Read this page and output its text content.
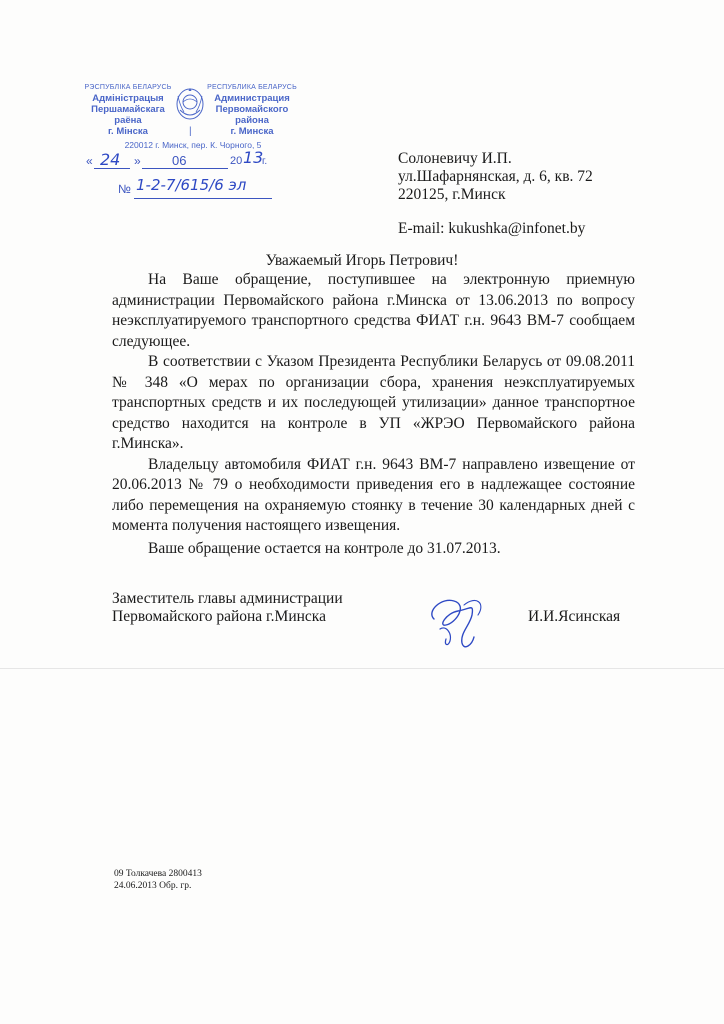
РЭСПУБЛІКА БЕЛАРУСЬ
Адміністрацыя
Першамайскага
раёна
г. Мінска
РЕСПУБЛИКА БЕЛАРУСЬ
Администрация
Первомайского
района
г. Минска
|
220012 г. Минск, пер. К. Чорного, 5
« 24 » 06	20 13
г.
№ 1-2-7/615/6 эл
Солоневичу И.П.
ул.Шафарнянская, д. 6, кв. 72
220125, г.Минск
E-mail: kukushka@infonet.by
Уважаемый Игорь Петрович!

На Ваше обращение, поступившее на электронную приемную администрации Первомайского района г.Минска от 13.06.2013 по вопросу неэксплуатируемого транспортного средства ФИАТ г.н. 9643 ВМ-7 сообщаем следующее.

В соответствии с Указом Президента Республики Беларусь от 09.08.2011 № 348 «О мерах по организации сбора, хранения неэксплуатируемых транспортных средств и их последующей утилизации» данное транспортное средство находится на контроле в УП «ЖРЭО Первомайского района г.Минска».

Владельцу автомобиля ФИАТ г.н. 9643 ВМ-7 направлено извещение от 20.06.2013 № 79 о необходимости приведения его в надлежащее состояние либо перемещения на охраняемую стоянку в течение 30 календарных дней с момента получения настоящего извещения.

Ваше обращение остается на контроле до 31.07.2013.

Заместитель главы администрации
Первомайского района г.Минска	И.И.Ясинская
09 Толкачева 2800413
24.06.2013 Обр. гр.
